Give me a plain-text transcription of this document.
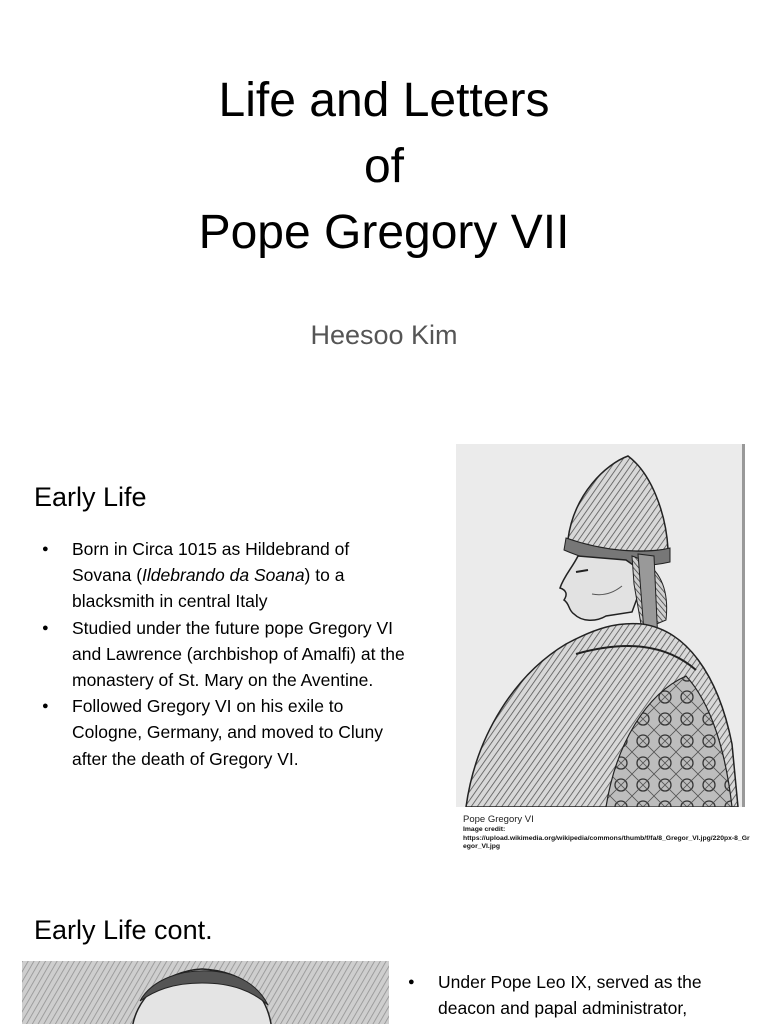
Life and Letters
of
Pope Gregory VII
Heesoo Kim
Early Life
● Born in Circa 1015 as Hildebrand of Sovana (Ildebrando da Soana) to a blacksmith in central Italy
● Studied under the future pope Gregory VI and Lawrence (archbishop of Amalfi) at the monastery of St. Mary on the Aventine.
● Followed Gregory VI on his exile to Cologne, Germany, and moved to Cluny after the death of Gregory VI.
Pope Gregory VI
Image credit:
https://upload.wikimedia.org/wikipedia/commons/thumb/f/fa/8_Gregor_VI.jpg/220px-8_Gregor_VI.jpg
Early Life cont.
● Under Pope Leo IX, served as the deacon and papal administrator,
